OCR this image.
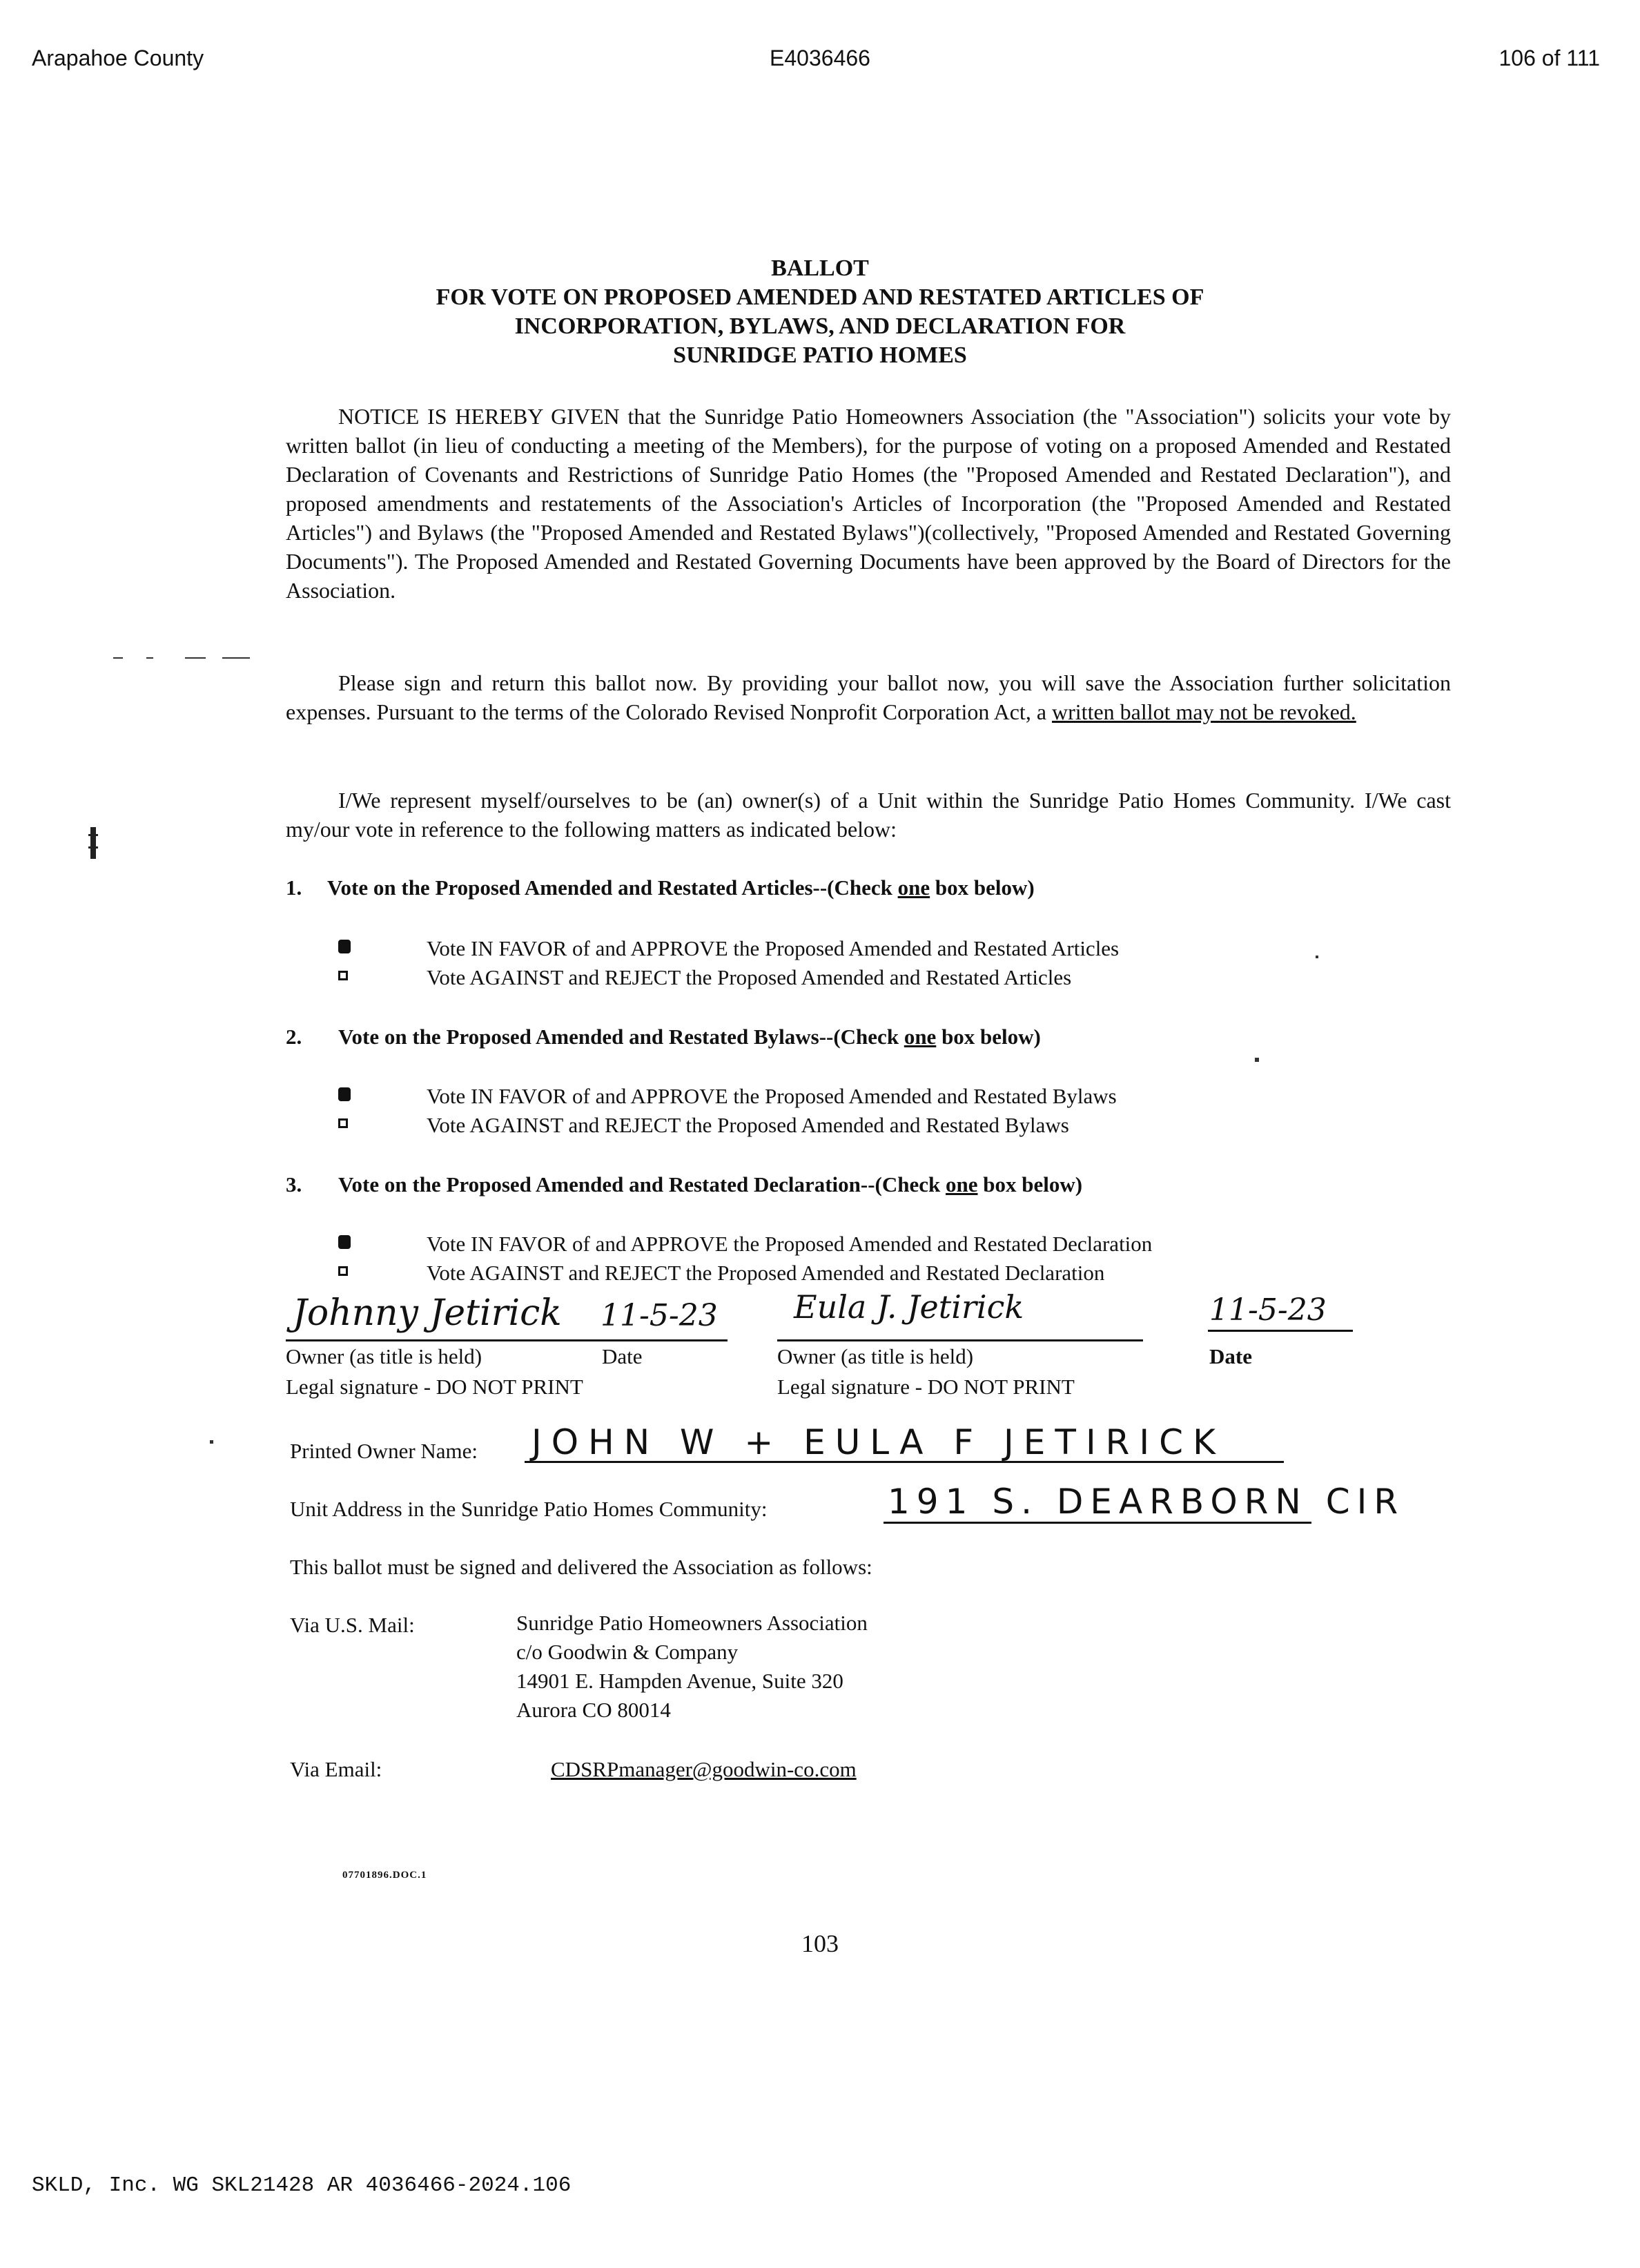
Arapahoe County	E4036466	106 of 111
BALLOT
FOR VOTE ON PROPOSED AMENDED AND RESTATED ARTICLES OF
INCORPORATION, BYLAWS, AND DECLARATION FOR
SUNRIDGE PATIO HOMES
NOTICE IS HEREBY GIVEN that the Sunridge Patio Homeowners Association (the "Association") solicits your vote by written ballot (in lieu of conducting a meeting of the Members), for the purpose of voting on a proposed Amended and Restated Declaration of Covenants and Restrictions of Sunridge Patio Homes (the "Proposed Amended and Restated Declaration"), and proposed amendments and restatements of the Association's Articles of Incorporation (the "Proposed Amended and Restated Articles") and Bylaws (the "Proposed Amended and Restated Bylaws")(collectively, "Proposed Amended and Restated Governing Documents"). The Proposed Amended and Restated Governing Documents have been approved by the Board of Directors for the Association.
Please sign and return this ballot now. By providing your ballot now, you will save the Association further solicitation expenses. Pursuant to the terms of the Colorado Revised Nonprofit Corporation Act, a written ballot may not be revoked.
I/We represent myself/ourselves to be (an) owner(s) of a Unit within the Sunridge Patio Homes Community. I/We cast my/our vote in reference to the following matters as indicated below:
1. Vote on the Proposed Amended and Restated Articles--(Check one box below)
Vote IN FAVOR of and APPROVE the Proposed Amended and Restated Articles
Vote AGAINST and REJECT the Proposed Amended and Restated Articles
2. Vote on the Proposed Amended and Restated Bylaws--(Check one box below)
Vote IN FAVOR of and APPROVE the Proposed Amended and Restated Bylaws
Vote AGAINST and REJECT the Proposed Amended and Restated Bylaws
3. Vote on the Proposed Amended and Restated Declaration--(Check one box below)
Vote IN FAVOR of and APPROVE the Proposed Amended and Restated Declaration
Vote AGAINST and REJECT the Proposed Amended and Restated Declaration
Johnny Jetirick 11-5-23 Eula J. Jetirick	11-5-23
Owner (as title is held)	Date	Owner (as title is held)	Date
Legal signature - DO NOT PRINT	Legal signature - DO NOT PRINT
Printed Owner Name: JOHN W + EULA F JETIRICK
Unit Address in the Sunridge Patio Homes Community:	191 S. DEARBORN CIR
This ballot must be signed and delivered the Association as follows:
Via U.S. Mail:	Sunridge Patio Homeowners Association
c/o Goodwin & Company
14901 E. Hampden Avenue, Suite 320
Aurora CO 80014
Via Email:	CDSRPmanager@goodwin-co.com
07701896.DOC.1
103
SKLD, Inc. WG SKL21428 AR 4036466-2024.106
